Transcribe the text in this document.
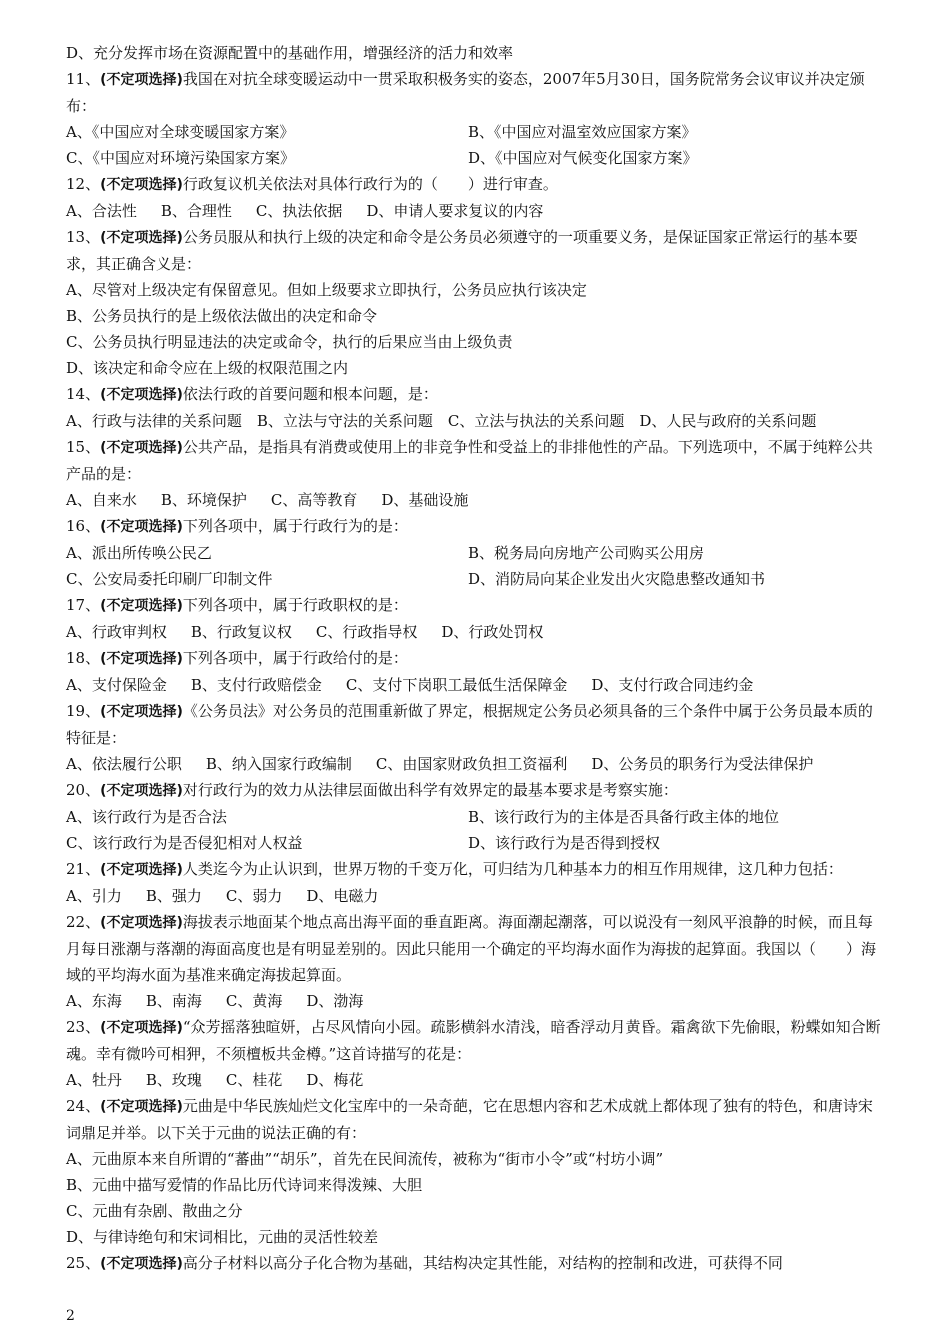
D、充分发挥市场在资源配置中的基础作用，增强经济的活力和效率
11、(不定项选择)我国在对抗全球变暖运动中一贯采取积极务实的姿态，2007年5月30日，国务院常务会议审议并决定颁布：
A、《中国应对全球变暖国家方案》	B、《中国应对温室效应国家方案》
C、《中国应对环境污染国家方案》	D、《中国应对气候变化国家方案》
12、(不定项选择)行政复议机关依法对具体行政行为的（　　）进行审查。
A、合法性 B、合理性 C、执法依据 D、申请人要求复议的内容
13、(不定项选择)公务员服从和执行上级的决定和命令是公务员必须遵守的一项重要义务，是保证国家正常运行的基本要求，其正确含义是：
A、尽管对上级决定有保留意见。但如上级要求立即执行，公务员应执行该决定
B、公务员执行的是上级依法做出的决定和命令
C、公务员执行明显违法的决定或命令，执行的后果应当由上级负责
D、该决定和命令应在上级的权限范围之内
14、(不定项选择)依法行政的首要问题和根本问题，是：
A、行政与法律的关系问题　B、立法与守法的关系问题　C、立法与执法的关系问题　D、人民与政府的关系问题
15、(不定项选择)公共产品，是指具有消费或使用上的非竞争性和受益上的非排他性的产品。下列选项中，不属于纯粹公共产品的是：
A、自来水 B、环境保护 C、高等教育 D、基础设施
16、(不定项选择)下列各项中，属于行政行为的是：
A、派出所传唤公民乙	B、税务局向房地产公司购买公用房
C、公安局委托印刷厂印制文件	D、消防局向某企业发出火灾隐患整改通知书
17、(不定项选择)下列各项中，属于行政职权的是：
A、行政审判权 B、行政复议权 C、行政指导权 D、行政处罚权
18、(不定项选择)下列各项中，属于行政给付的是：
A、支付保险金 B、支付行政赔偿金 C、支付下岗职工最低生活保障金 D、支付行政合同违约金
19、(不定项选择)《公务员法》对公务员的范围重新做了界定，根据规定公务员必须具备的三个条件中属于公务员最本质的特征是：
A、依法履行公职 B、纳入国家行政编制 C、由国家财政负担工资福利 D、公务员的职务行为受法律保护
20、(不定项选择)对行政行为的效力从法律层面做出科学有效界定的最基本要求是考察实施：
A、该行政行为是否合法	B、该行政行为的主体是否具备行政主体的地位
C、该行政行为是否侵犯相对人权益	D、该行政行为是否得到授权
21、(不定项选择)人类迄今为止认识到，世界万物的千变万化，可归结为几种基本力的相互作用规律，这几种力包括：
A、引力 B、强力 C、弱力 D、电磁力
22、(不定项选择)海拔表示地面某个地点高出海平面的垂直距离。海面潮起潮落，可以说没有一刻风平浪静的时候，而且每月每日涨潮与落潮的海面高度也是有明显差别的。因此只能用一个确定的平均海水面作为海拔的起算面。我国以（　　）海域的平均海水面为基准来确定海拔起算面。
A、东海 B、南海 C、黄海 D、渤海
23、(不定项选择)“众芳摇落独暄妍，占尽风情向小园。疏影横斜水清浅，暗香浮动月黄昏。霜禽欲下先偷眼，粉蝶如知合断魂。幸有微吟可相狎，不须檀板共金樽。”这首诗描写的花是：
A、牡丹 B、玫瑰 C、桂花 D、梅花
24、(不定项选择)元曲是中华民族灿烂文化宝库中的一朵奇葩，它在思想内容和艺术成就上都体现了独有的特色，和唐诗宋词鼎足并举。以下关于元曲的说法正确的有：
A、元曲原本来自所谓的“蕃曲”“胡乐”，首先在民间流传，被称为“街市小令”或“村坊小调”
B、元曲中描写爱情的作品比历代诗词来得泼辣、大胆
C、元曲有杂剧、散曲之分
D、与律诗绝句和宋词相比，元曲的灵活性较差
25、(不定项选择)高分子材料以高分子化合物为基础，其结构决定其性能，对结构的控制和改进，可获得不同
2
